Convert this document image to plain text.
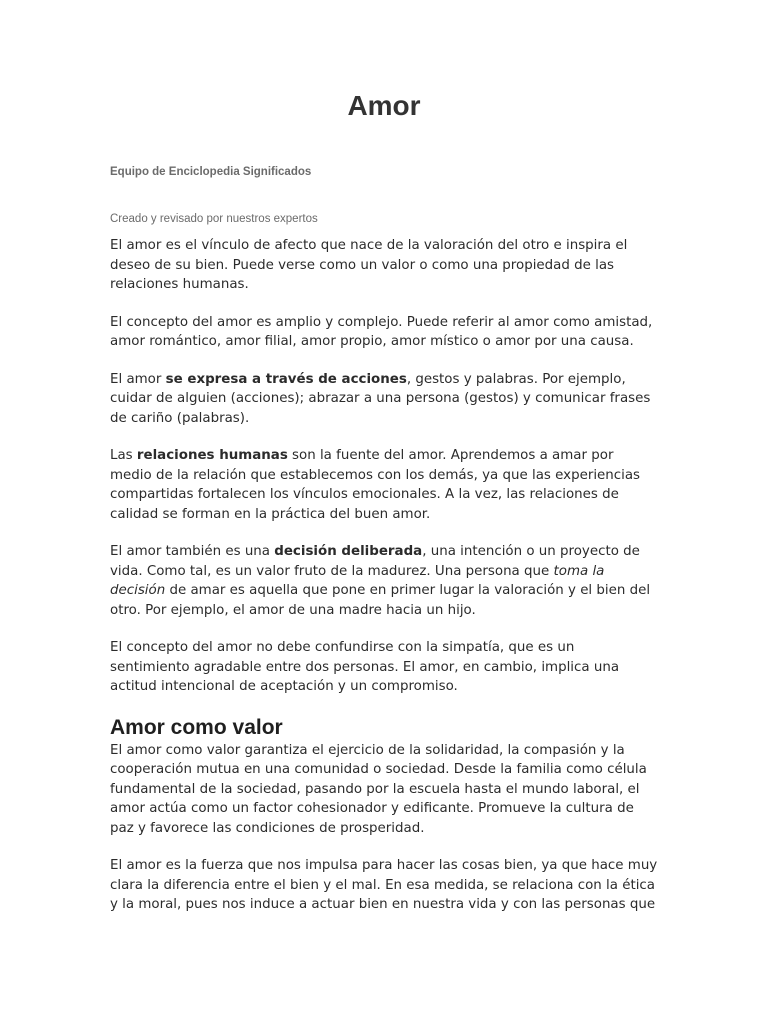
Amor
Equipo de Enciclopedia Significados
Creado y revisado por nuestros expertos

El amor es el vínculo de afecto que nace de la valoración del otro e inspira el deseo de su bien. Puede verse como un valor o como una propiedad de las relaciones humanas.

El concepto del amor es amplio y complejo. Puede referir al amor como amistad, amor romántico, amor filial, amor propio, amor místico o amor por una causa.

El amor se expresa a través de acciones, gestos y palabras. Por ejemplo, cuidar de alguien (acciones); abrazar a una persona (gestos) y comunicar frases de cariño (palabras).

Las relaciones humanas son la fuente del amor. Aprendemos a amar por medio de la relación que establecemos con los demás, ya que las experiencias compartidas fortalecen los vínculos emocionales. A la vez, las relaciones de calidad se forman en la práctica del buen amor.

El amor también es una decisión deliberada, una intención o un proyecto de vida. Como tal, es un valor fruto de la madurez. Una persona que toma la decisión de amar es aquella que pone en primer lugar la valoración y el bien del otro. Por ejemplo, el amor de una madre hacia un hijo.

El concepto del amor no debe confundirse con la simpatía, que es un sentimiento agradable entre dos personas. El amor, en cambio, implica una actitud intencional de aceptación y un compromiso.

Amor como valor

El amor como valor garantiza el ejercicio de la solidaridad, la compasión y la cooperación mutua en una comunidad o sociedad. Desde la familia como célula fundamental de la sociedad, pasando por la escuela hasta el mundo laboral, el amor actúa como un factor cohesionador y edificante. Promueve la cultura de paz y favorece las condiciones de prosperidad.

El amor es la fuerza que nos impulsa para hacer las cosas bien, ya que hace muy clara la diferencia entre el bien y el mal. En esa medida, se relaciona con la ética y la moral, pues nos induce a actuar bien en nuestra vida y con las personas que
